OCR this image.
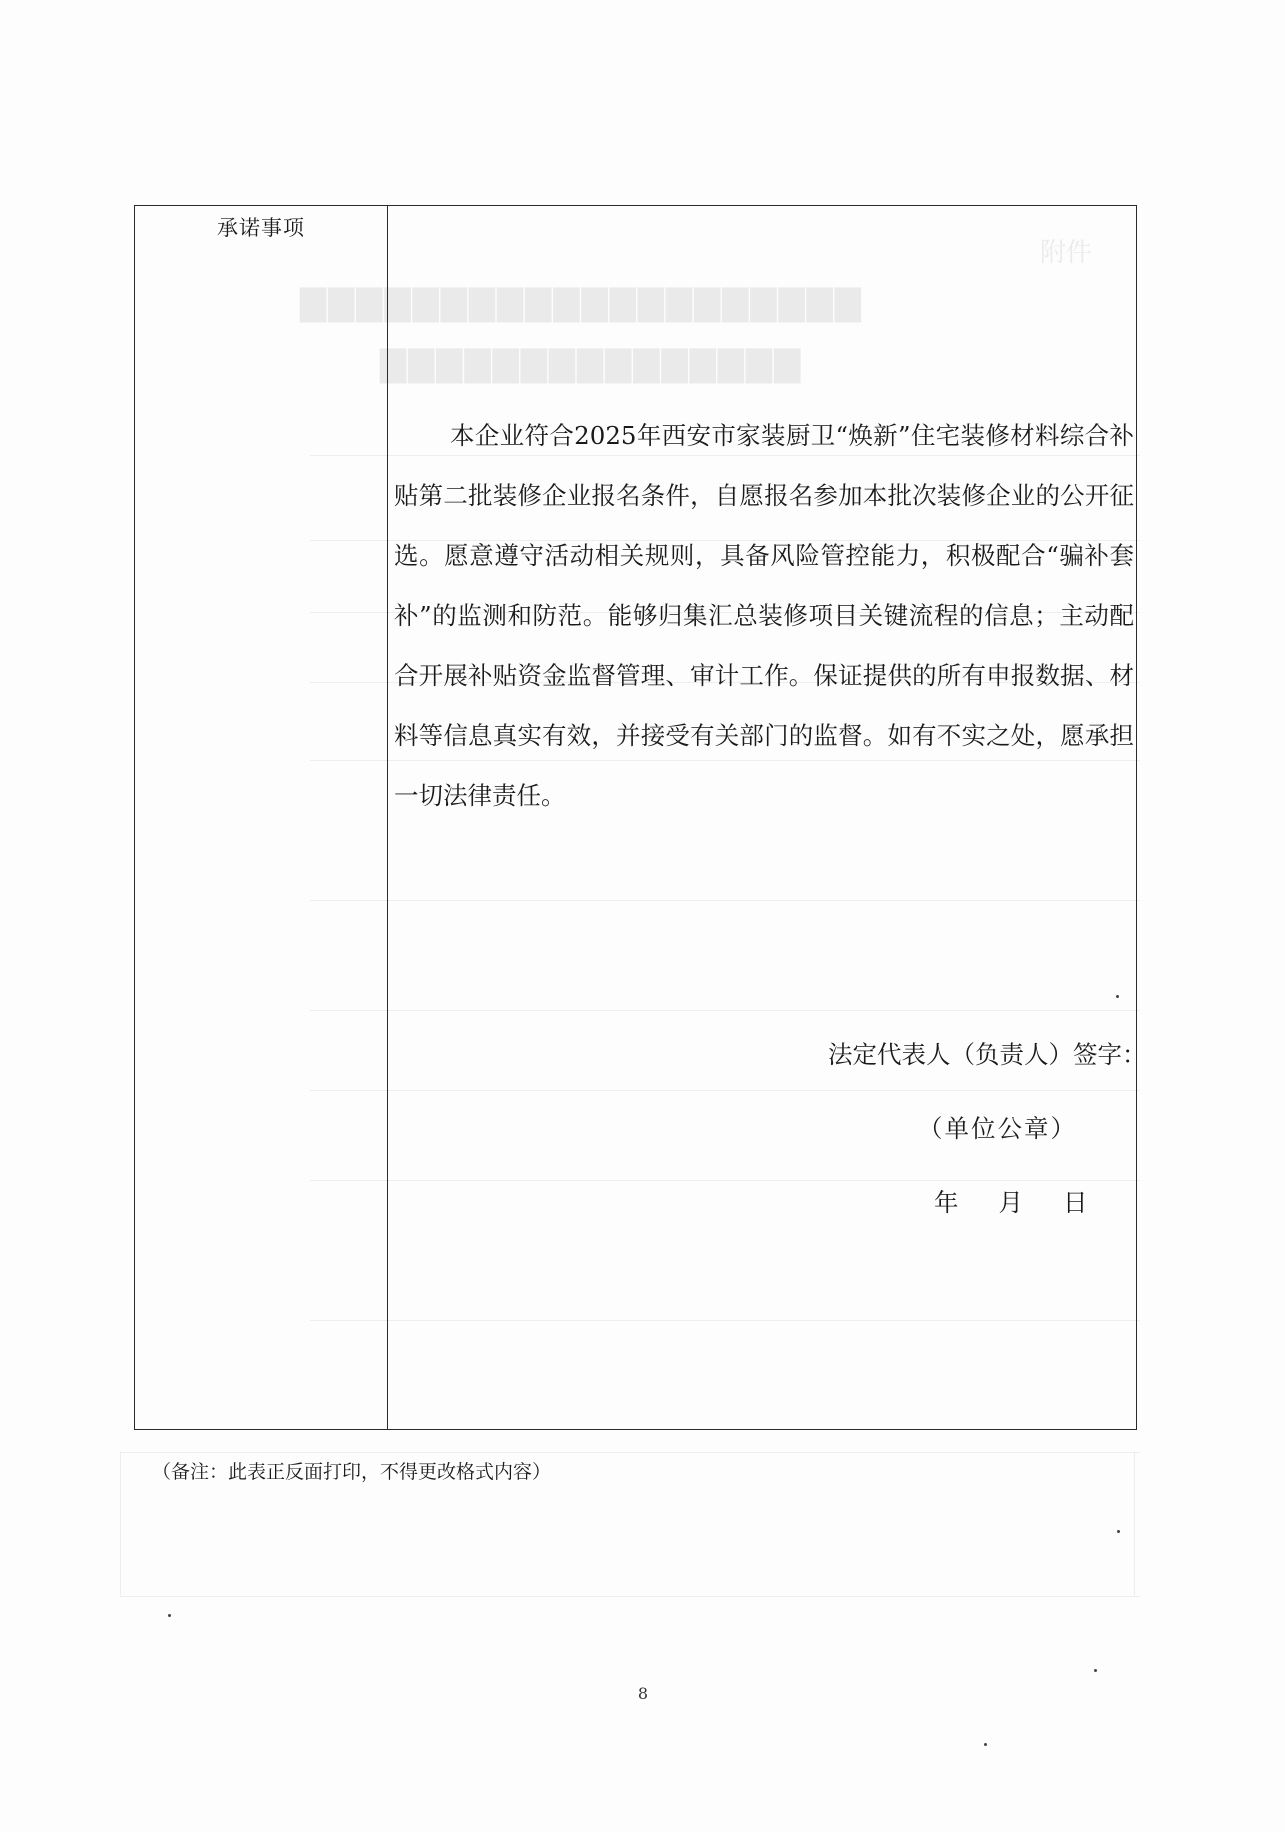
附件
▇▇▇▇▇▇▇▇▇▇▇▇▇▇▇▇▇▇▇▇
▇▇▇▇▇▇▇▇▇▇▇▇▇▇▇
承诺事项	
本企业符合2025年西安市家装厨卫“焕新”住宅装修材料综合补贴第二批装修企业报名条件，自愿报名参加本批次装修企业的公开征选。愿意遵守活动相关规则，具备风险管控能力，积极配合“骗补套补”的监测和防范。能够归集汇总装修项目关键流程的信息；主动配合开展补贴资金监督管理、审计工作。保证提供的所有申报数据、材料等信息真实有效，并接受有关部门的监督。如有不实之处，愿承担一切法律责任。
法定代表人（负责人）签字：
（单位公章）
年 月 日
（备注：此表正反面打印，不得更改格式内容）
8
